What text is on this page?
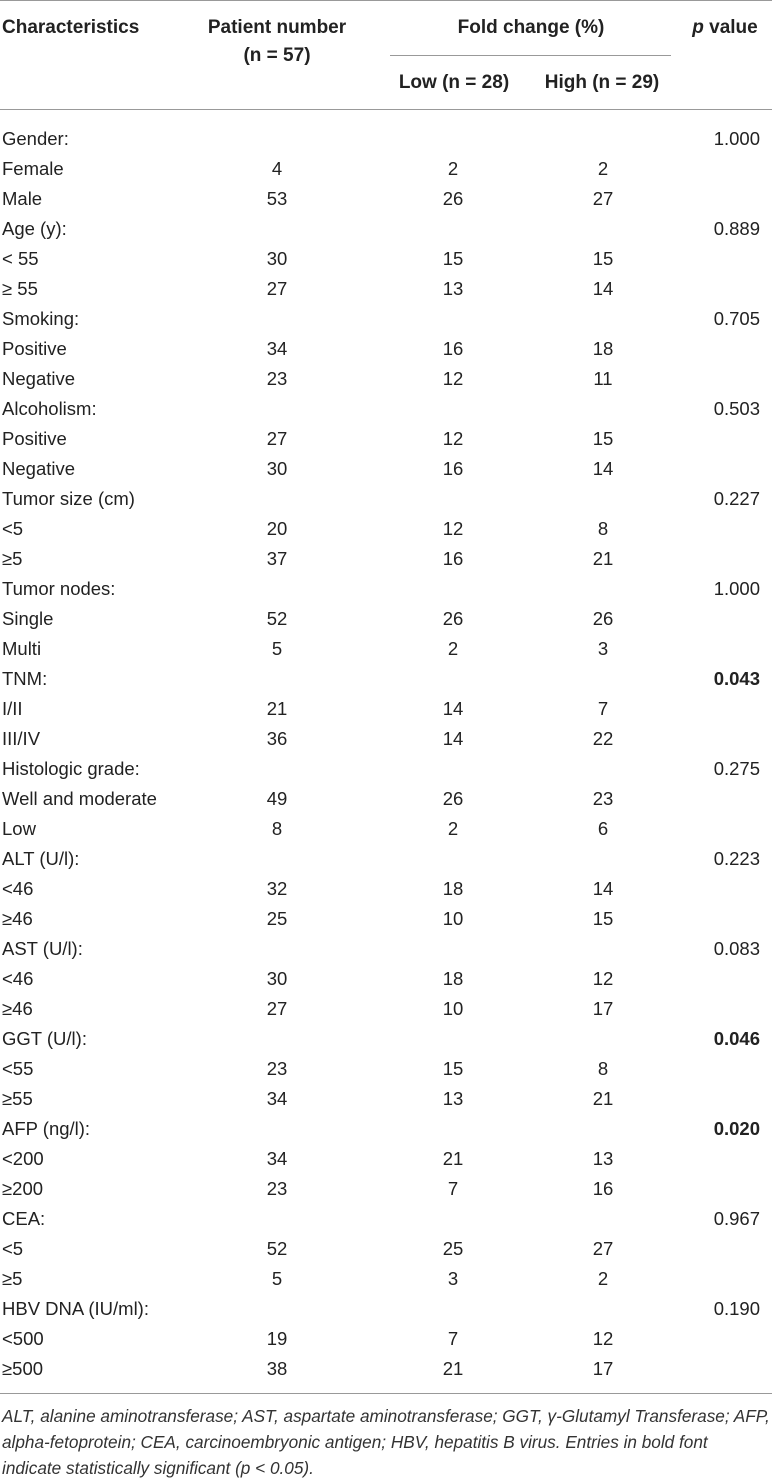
Characteristics	Patient number
(n = 57)
Fold change (%)
Low (n = 28)	High (n = 29)
p value
Gender:	1.000
Female	4	2	2
Male	53	26	27
Age (y):	0.889
< 55	30	15	15
≥ 55	27	13	14
Smoking:	0.705
Positive	34	16	18
Negative	23	12	11
Alcoholism:	0.503
Positive	27	12	15
Negative	30	16	14
Tumor size (cm)	0.227
<5	20	12	8
≥5	37	16	21
Tumor nodes:	1.000
Single	52	26	26
Multi	5	2	3
TNM:	0.043
I/II	21	14	7
III/IV	36	14	22
Histologic grade:	0.275
Well and moderate	49	26	23
Low	8	2	6
ALT (U/l):	0.223
<46	32	18	14
≥46	25	10	15
AST (U/l):	0.083
<46	30	18	12
≥46	27	10	17
GGT (U/l):	0.046
<55	23	15	8
≥55	34	13	21
AFP (ng/l):	0.020
<200	34	21	13
≥200	23	7	16
CEA:	0.967
<5	52	25	27
≥5	5	3	2
HBV DNA (IU/ml):	0.190
<500	19	7	12
≥500	38	21	17
ALT, alanine aminotransferase; AST, aspartate aminotransferase; GGT, γ-Glutamyl Transferase; AFP, alpha-fetoprotein; CEA, carcinoembryonic antigen; HBV, hepatitis B virus. Entries in bold font indicate statistically significant (p < 0.05).
